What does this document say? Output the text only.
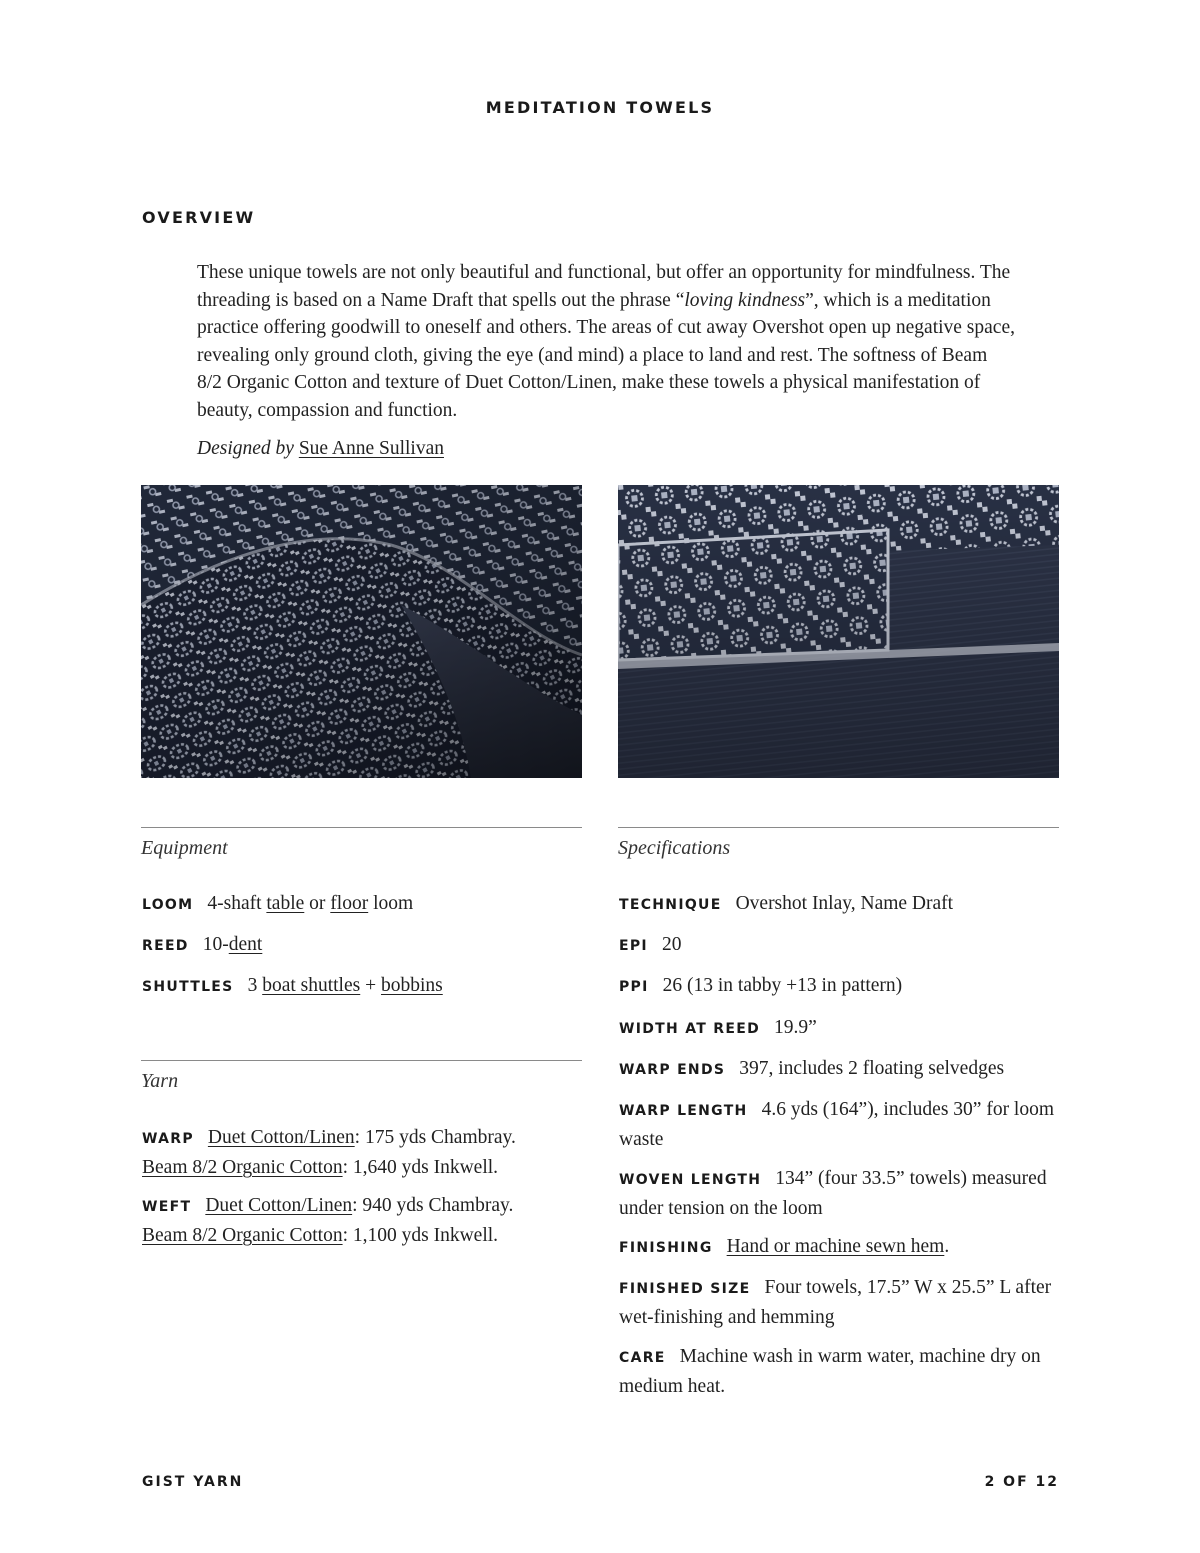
MEDITATION TOWELS
OVERVIEW

These unique towels are not only beautiful and functional, but offer an opportunity for mindfulness. The threading is based on a Name Draft that spells out the phrase “loving kindness”, which is a meditation practice offering goodwill to oneself and others. The areas of cut away Overshot open up negative space, revealing only ground cloth, giving the eye (and mind) a place to land and rest. The softness of Beam 8/2 Organic Cotton and texture of Duet Cotton/Linen, make these towels a physical manifestation of beauty, compassion and function.

Designed by Sue Anne Sullivan

Equipment

LOOM 4-shaft table or floor loom

REED 10-dent

SHUTTLES 3 boat shuttles + bobbins

Yarn

WARP Duet Cotton/Linen: 175 yds Chambray.
Beam 8/2 Organic Cotton: 1,640 yds Inkwell.

WEFT Duet Cotton/Linen: 940 yds Chambray.
Beam 8/2 Organic Cotton: 1,100 yds Inkwell.

Specifications

TECHNIQUE Overshot Inlay, Name Draft

EPI 20

PPI 26 (13 in tabby +13 in pattern)

WIDTH AT REED 19.9”

WARP ENDS 397, includes 2 floating selvedges

WARP LENGTH 4.6 yds (164”), includes 30” for loom waste

WOVEN LENGTH 134” (four 33.5” towels) measured under tension on the loom

FINISHING Hand or machine sewn hem.

FINISHED SIZE Four towels, 17.5” W x 25.5” L after wet-finishing and hemming

CARE Machine wash in warm water, machine dry on medium heat.

GIST YARN	2 OF 12
